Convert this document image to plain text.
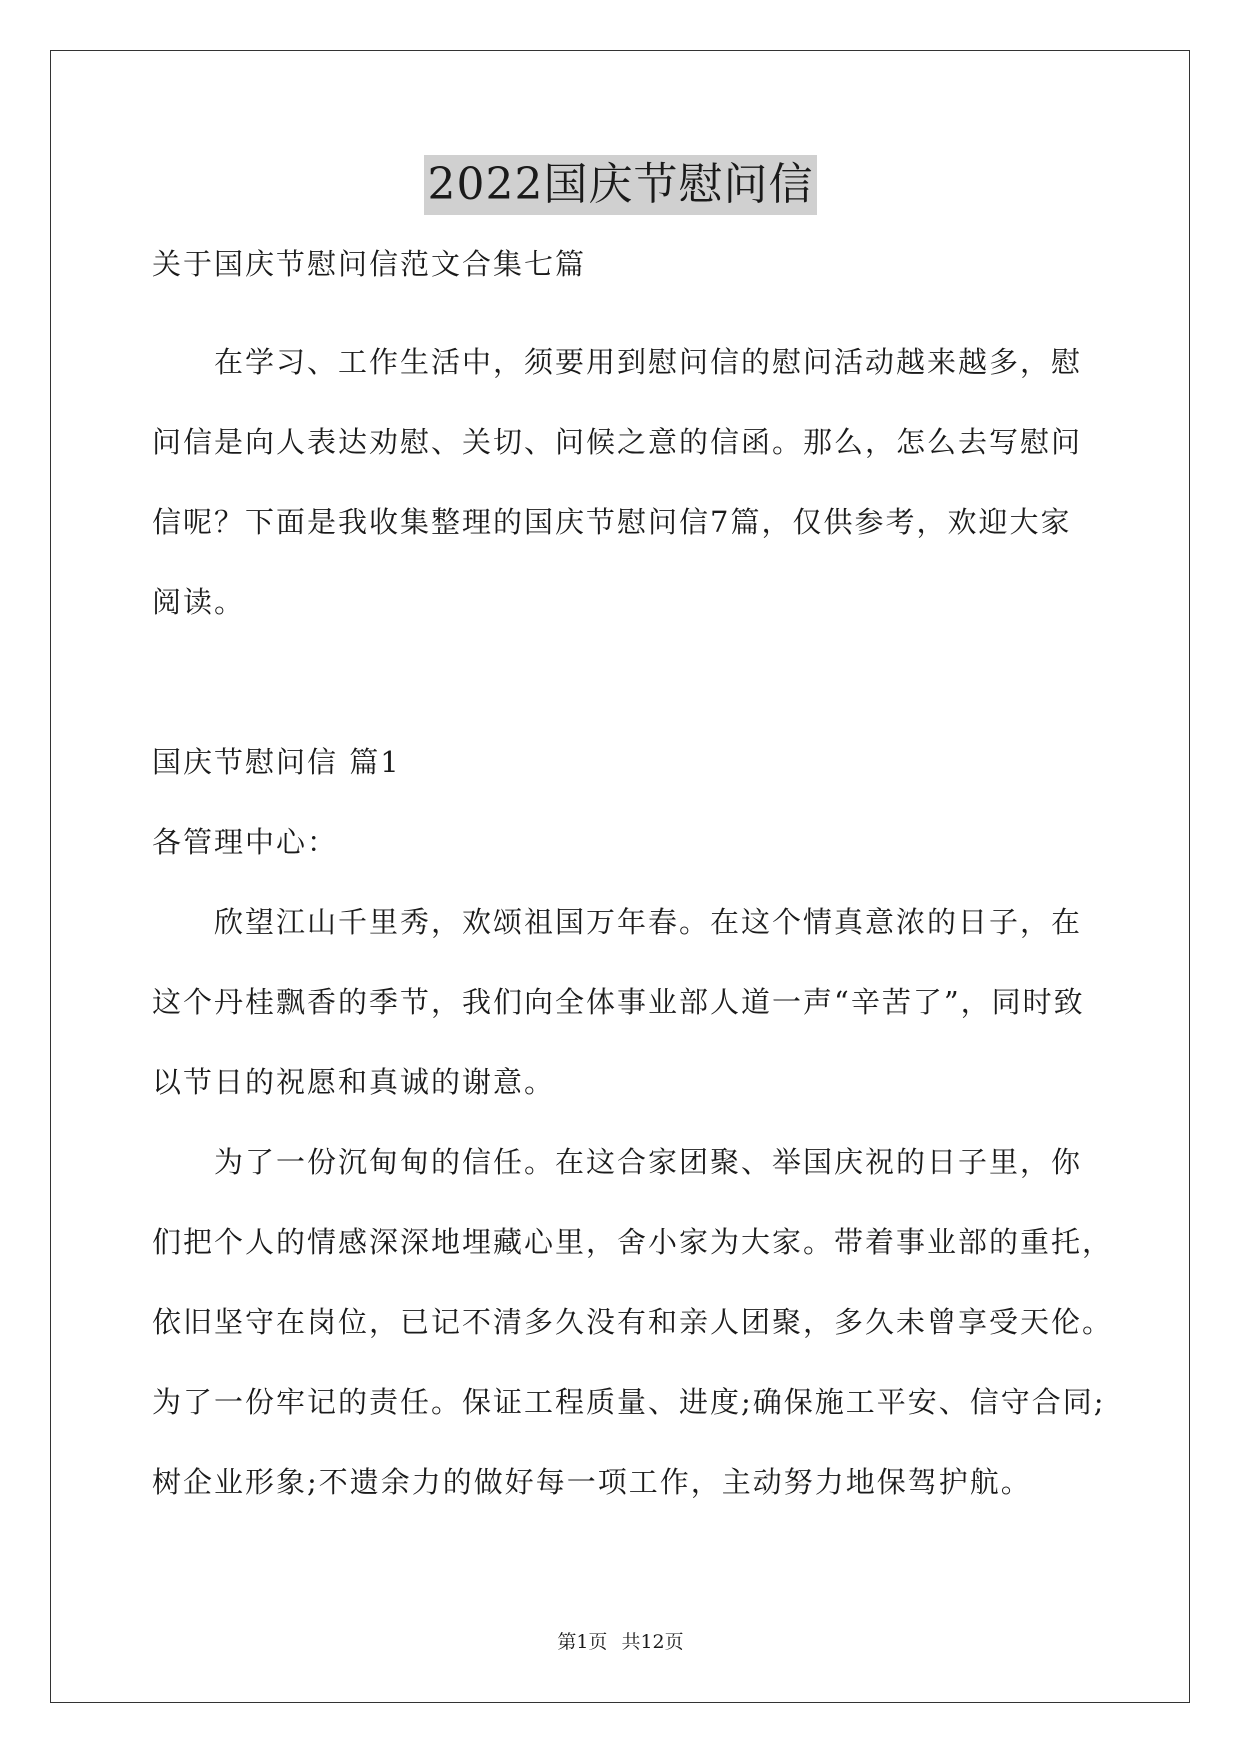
2022国庆节慰问信
关于国庆节慰问信范文合集七篇
在学习、工作生活中，须要用到慰问信的慰问活动越来越多，慰
问信是向人表达劝慰、关切、问候之意的信函。那么，怎么去写慰问
信呢？下面是我收集整理的国庆节慰问信7篇，仅供参考，欢迎大家
阅读。
国庆节慰问信 篇1
各管理中心：
欣望江山千里秀，欢颂祖国万年春。在这个情真意浓的日子，在
这个丹桂飘香的季节，我们向全体事业部人道一声“辛苦了”，同时致
以节日的祝愿和真诚的谢意。
为了一份沉甸甸的信任。在这合家团聚、举国庆祝的日子里，你
们把个人的情感深深地埋藏心里，舍小家为大家。带着事业部的重托，
依旧坚守在岗位，已记不清多久没有和亲人团聚，多久未曾享受天伦。
为了一份牢记的责任。保证工程质量、进度;确保施工平安、信守合同;
树企业形象;不遗余力的做好每一项工作，主动努力地保驾护航。
第1页 共12页
